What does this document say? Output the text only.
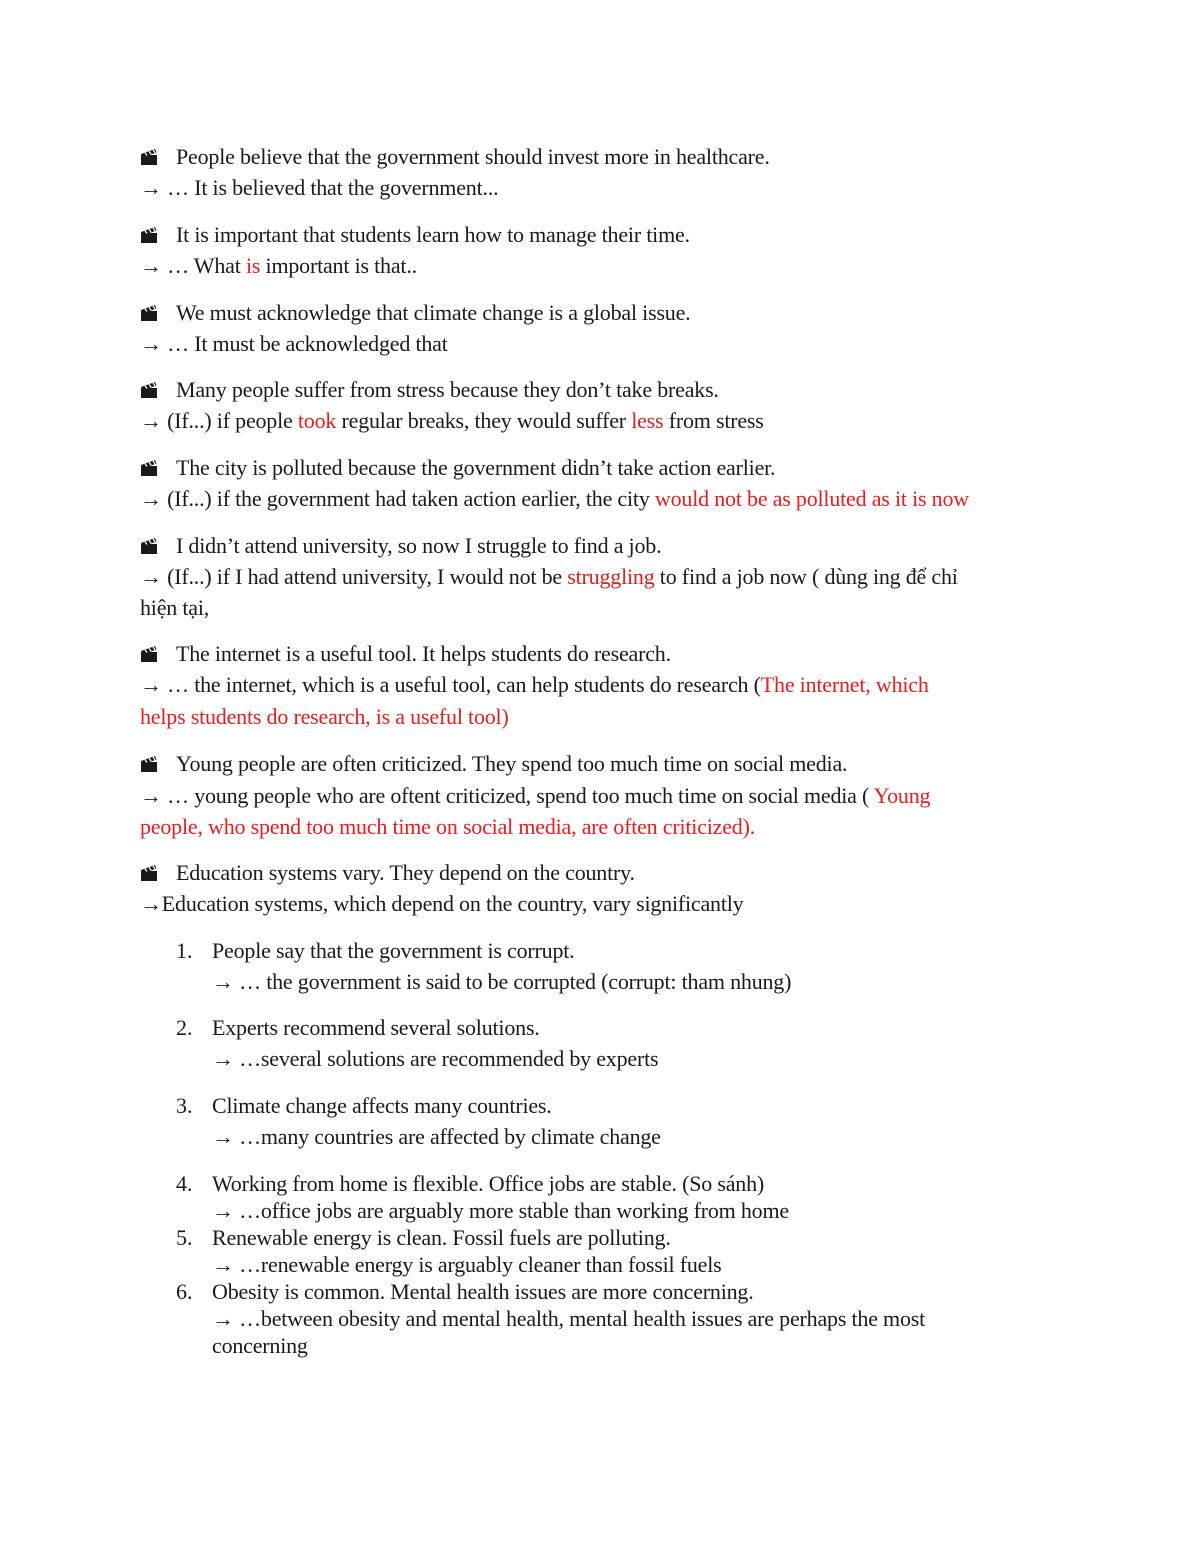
People believe that the government should invest more in healthcare.
→ … It is believed that the government...
It is important that students learn how to manage their time.
→ … What is important is that..
We must acknowledge that climate change is a global issue.
→ … It must be acknowledged that
Many people suffer from stress because they don’t take breaks.
→ (If...) if people took regular breaks, they would suffer less from stress
The city is polluted because the government didn’t take action earlier.
→ (If...) if the government had taken action earlier, the city would not be as polluted as it is now
I didn’t attend university, so now I struggle to find a job.
→ (If...) if I had attend university, I would not be struggling to find a job now ( dùng ing để chỉ
hiện tại,
The internet is a useful tool. It helps students do research.
→ … the internet, which is a useful tool, can help students do research (The internet, which
helps students do research, is a useful tool)
Young people are often criticized. They spend too much time on social media.
→ … young people who are oftent criticized, spend too much time on social media ( Young
people, who spend too much time on social media, are often criticized).
Education systems vary. They depend on the country.
→Education systems, which depend on the country, vary significantly
1. People say that the government is corrupt.
→ … the government is said to be corrupted (corrupt: tham nhung)
2. Experts recommend several solutions.
→ …several solutions are recommended by experts
3. Climate change affects many countries.
→ …many countries are affected by climate change
4. Working from home is flexible. Office jobs are stable. (So sánh)
→ …office jobs are arguably more stable than working from home
5. Renewable energy is clean. Fossil fuels are polluting.
→ …renewable energy is arguably cleaner than fossil fuels
6. Obesity is common. Mental health issues are more concerning.
→ …between obesity and mental health, mental health issues are perhaps the most
concerning
